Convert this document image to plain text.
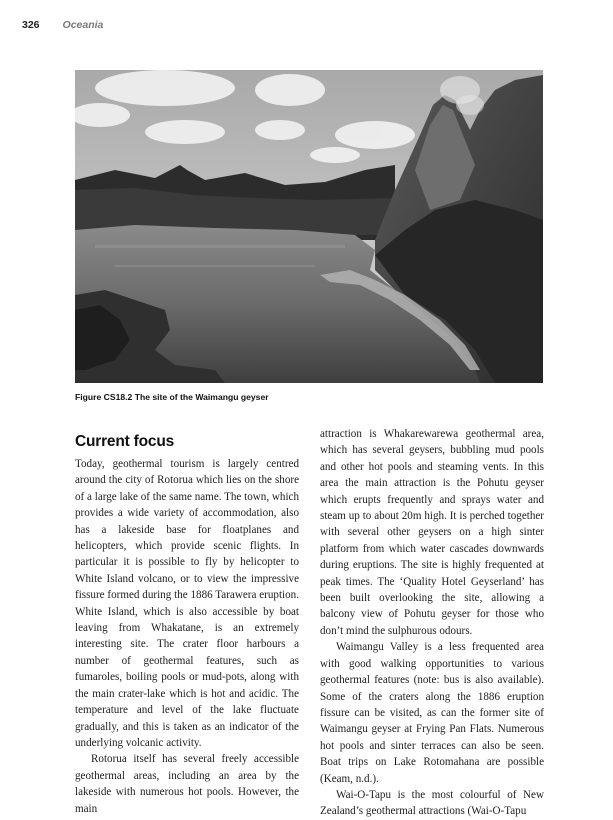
326 Oceania
Figure CS18.2 The site of the Waimangu geyser
Current focus

Today, geothermal tourism is largely centred around the city of Rotorua which lies on the shore of a large lake of the same name. The town, which provides a wide variety of accommodation, also has a lakeside base for floatplanes and helicopters, which provide scenic flights. In particular it is possible to fly by helicopter to White Island volcano, or to view the impressive fissure formed during the 1886 Tarawera eruption. White Island, which is also accessible by boat leaving from Whakatane, is an extremely interesting site. The crater floor harbours a number of geothermal features, such as fumaroles, boiling pools or mud-pots, along with the main crater-lake which is hot and acidic. The temperature and level of the lake fluctuate gradually, and this is taken as an indicator of the underlying volcanic activity.

Rotorua itself has several freely accessible geothermal areas, including an area by the lakeside with numerous hot pools. However, the main

attraction is Whakarewarewa geothermal area, which has several geysers, bubbling mud pools and other hot pools and steaming vents. In this area the main attraction is the Pohutu geyser which erupts frequently and sprays water and steam up to about 20m high. It is perched together with several other geysers on a high sinter platform from which water cascades downwards during eruptions. The site is highly frequented at peak times. The ‘Quality Hotel Geyserland’ has been built overlooking the site, allowing a balcony view of Pohutu geyser for those who don’t mind the sulphurous odours.

Waimangu Valley is a less frequented area with good walking opportunities to various geothermal features (note: bus is also available). Some of the craters along the 1886 eruption fissure can be visited, as can the former site of Waimangu geyser at Frying Pan Flats. Numerous hot pools and sinter terraces can also be seen. Boat trips on Lake Rotomahana are possible (Keam, n.d.).

Wai-O-Tapu is the most colourful of New Zealand’s geothermal attractions (Wai-O-Tapu
